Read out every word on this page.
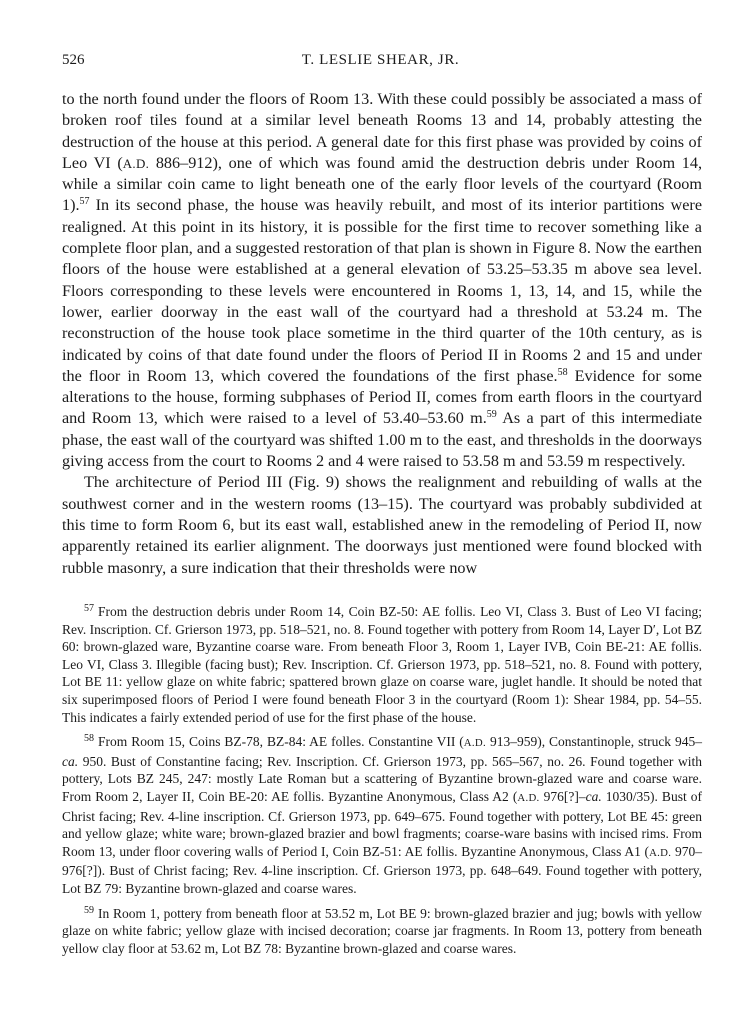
526	T. LESLIE SHEAR, JR.

to the north found under the floors of Room 13. With these could possibly be associated a mass of broken roof tiles found at a similar level beneath Rooms 13 and 14, probably attesting the destruction of the house at this period. A general date for this first phase was provided by coins of Leo VI (A.D. 886–912), one of which was found amid the destruction debris under Room 14, while a similar coin came to light beneath one of the early floor levels of the courtyard (Room 1).$^{57}$ In its second phase, the house was heavily rebuilt, and most of its interior partitions were realigned. At this point in its history, it is possible for the first time to recover something like a complete floor plan, and a suggested restoration of that plan is shown in Figure 8. Now the earthen floors of the house were established at a general elevation of 53.25–53.35 m above sea level. Floors corresponding to these levels were encountered in Rooms 1, 13, 14, and 15, while the lower, earlier doorway in the east wall of the courtyard had a threshold at 53.24 m. The reconstruction of the house took place sometime in the third quarter of the 10th century, as is indicated by coins of that date found under the floors of Period II in Rooms 2 and 15 and under the floor in Room 13, which covered the foundations of the first phase.$^{58}$ Evidence for some alterations to the house, forming subphases of Period II, comes from earth floors in the courtyard and Room 13, which were raised to a level of 53.40–53.60 m.$^{59}$ As a part of this intermediate phase, the east wall of the courtyard was shifted 1.00 m to the east, and thresholds in the doorways giving access from the court to Rooms 2 and 4 were raised to 53.58 m and 53.59 m respectively.

The architecture of Period III (Fig. 9) shows the realignment and rebuilding of walls at the southwest corner and in the western rooms (13–15). The courtyard was probably subdivided at this time to form Room 6, but its east wall, established anew in the remodeling of Period II, now apparently retained its earlier alignment. The doorways just mentioned were found blocked with rubble masonry, a sure indication that their thresholds were now

$^{57}$ From the destruction debris under Room 14, Coin BZ-50: AE follis. Leo VI, Class 3. Bust of Leo VI facing; Rev. Inscription. Cf. Grierson 1973, pp. 518–521, no. 8. Found together with pottery from Room 14, Layer D′, Lot BZ 60: brown-glazed ware, Byzantine coarse ware. From beneath Floor 3, Room 1, Layer IVB, Coin BE-21: AE follis. Leo VI, Class 3. Illegible (facing bust); Rev. Inscription. Cf. Grierson 1973, pp. 518–521, no. 8. Found with pottery, Lot BE 11: yellow glaze on white fabric; spattered brown glaze on coarse ware, juglet handle. It should be noted that six superimposed floors of Period I were found beneath Floor 3 in the courtyard (Room 1): Shear 1984, pp. 54–55. This indicates a fairly extended period of use for the first phase of the house.

$^{58}$ From Room 15, Coins BZ-78, BZ-84: AE folles. Constantine VII (A.D. 913–959), Constantinople, struck 945–ca. 950. Bust of Constantine facing; Rev. Inscription. Cf. Grierson 1973, pp. 565–567, no. 26. Found together with pottery, Lots BZ 245, 247: mostly Late Roman but a scattering of Byzantine brown-glazed ware and coarse ware. From Room 2, Layer II, Coin BE-20: AE follis. Byzantine Anonymous, Class A2 (A.D. 976[?]–ca. 1030/35). Bust of Christ facing; Rev. 4-line inscription. Cf. Grierson 1973, pp. 649–675. Found together with pottery, Lot BE 45: green and yellow glaze; white ware; brown-glazed brazier and bowl fragments; coarse-ware basins with incised rims. From Room 13, under floor covering walls of Period I, Coin BZ-51: AE follis. Byzantine Anonymous, Class A1 (A.D. 970–976[?]). Bust of Christ facing; Rev. 4-line inscription. Cf. Grierson 1973, pp. 648–649. Found together with pottery, Lot BZ 79: Byzantine brown-glazed and coarse wares.

$^{59}$ In Room 1, pottery from beneath floor at 53.52 m, Lot BE 9: brown-glazed brazier and jug; bowls with yellow glaze on white fabric; yellow glaze with incised decoration; coarse jar fragments. In Room 13, pottery from beneath yellow clay floor at 53.62 m, Lot BZ 78: Byzantine brown-glazed and coarse wares.
